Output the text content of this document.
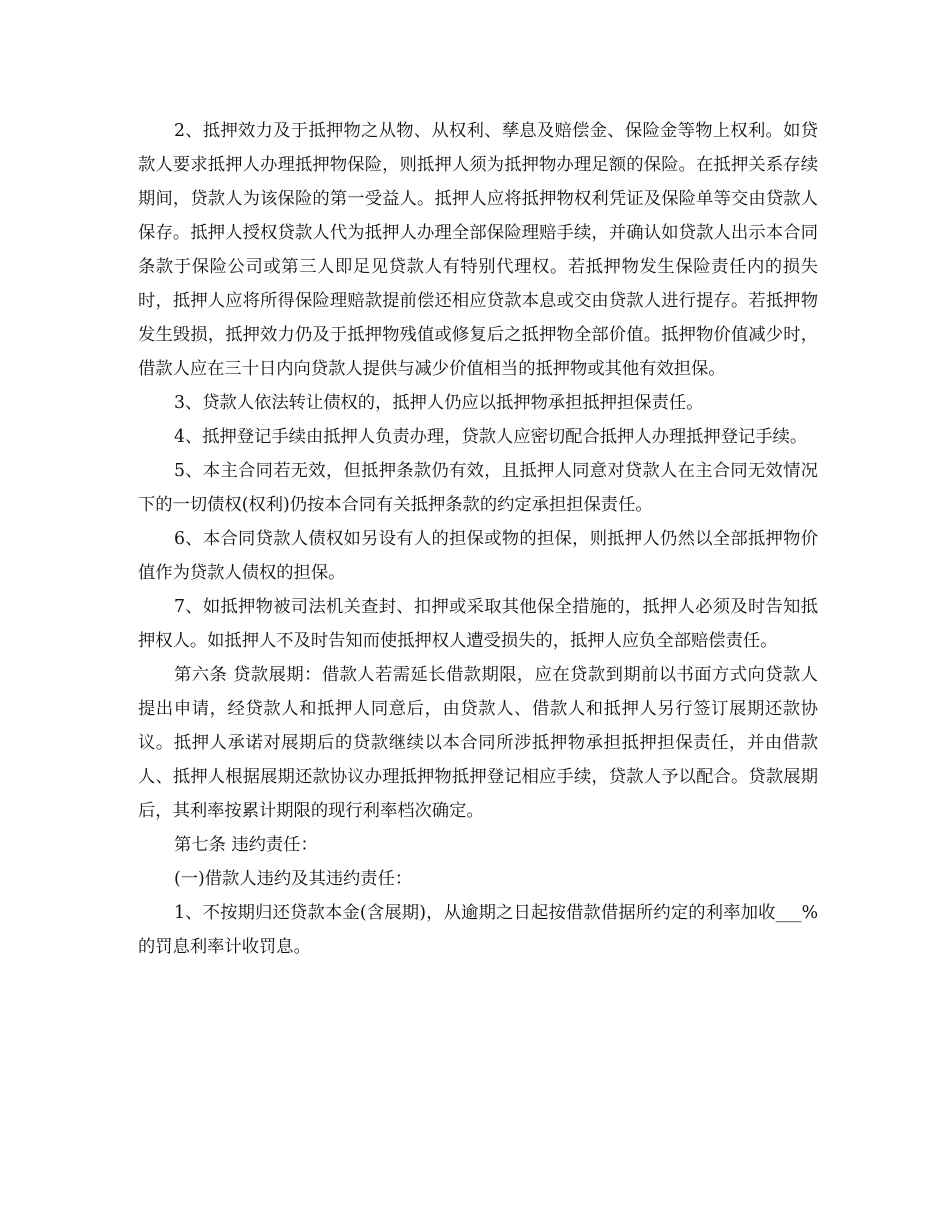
2、抵押效力及于抵押物之从物、从权利、孳息及赔偿金、保险金等物上权利。如贷款人要求抵押人办理抵押物保险，则抵押人须为抵押物办理足额的保险。在抵押关系存续期间，贷款人为该保险的第一受益人。抵押人应将抵押物权利凭证及保险单等交由贷款人保存。抵押人授权贷款人代为抵押人办理全部保险理赔手续，并确认如贷款人出示本合同条款于保险公司或第三人即足见贷款人有特别代理权。若抵押物发生保险责任内的损失时，抵押人应将所得保险理赔款提前偿还相应贷款本息或交由贷款人进行提存。若抵押物发生毁损，抵押效力仍及于抵押物残值或修复后之抵押物全部价值。抵押物价值减少时，借款人应在三十日内向贷款人提供与减少价值相当的抵押物或其他有效担保。

3、贷款人依法转让债权的，抵押人仍应以抵押物承担抵押担保责任。

4、抵押登记手续由抵押人负责办理，贷款人应密切配合抵押人办理抵押登记手续。

5、本主合同若无效，但抵押条款仍有效，且抵押人同意对贷款人在主合同无效情况下的一切债权(权利)仍按本合同有关抵押条款的约定承担担保责任。

6、本合同贷款人债权如另设有人的担保或物的担保，则抵押人仍然以全部抵押物价值作为贷款人债权的担保。

7、如抵押物被司法机关查封、扣押或采取其他保全措施的，抵押人必须及时告知抵押权人。如抵押人不及时告知而使抵押权人遭受损失的，抵押人应负全部赔偿责任。

第六条 贷款展期：借款人若需延长借款期限，应在贷款到期前以书面方式向贷款人提出申请，经贷款人和抵押人同意后，由贷款人、借款人和抵押人另行签订展期还款协议。抵押人承诺对展期后的贷款继续以本合同所涉抵押物承担抵押担保责任，并由借款人、抵押人根据展期还款协议办理抵押物抵押登记相应手续，贷款人予以配合。贷款展期后，其利率按累计期限的现行利率档次确定。

第七条 违约责任：

(一)借款人违约及其违约责任：

1、不按期归还贷款本金(含展期)，从逾期之日起按借款借据所约定的利率加收___%的罚息利率计收罚息。
